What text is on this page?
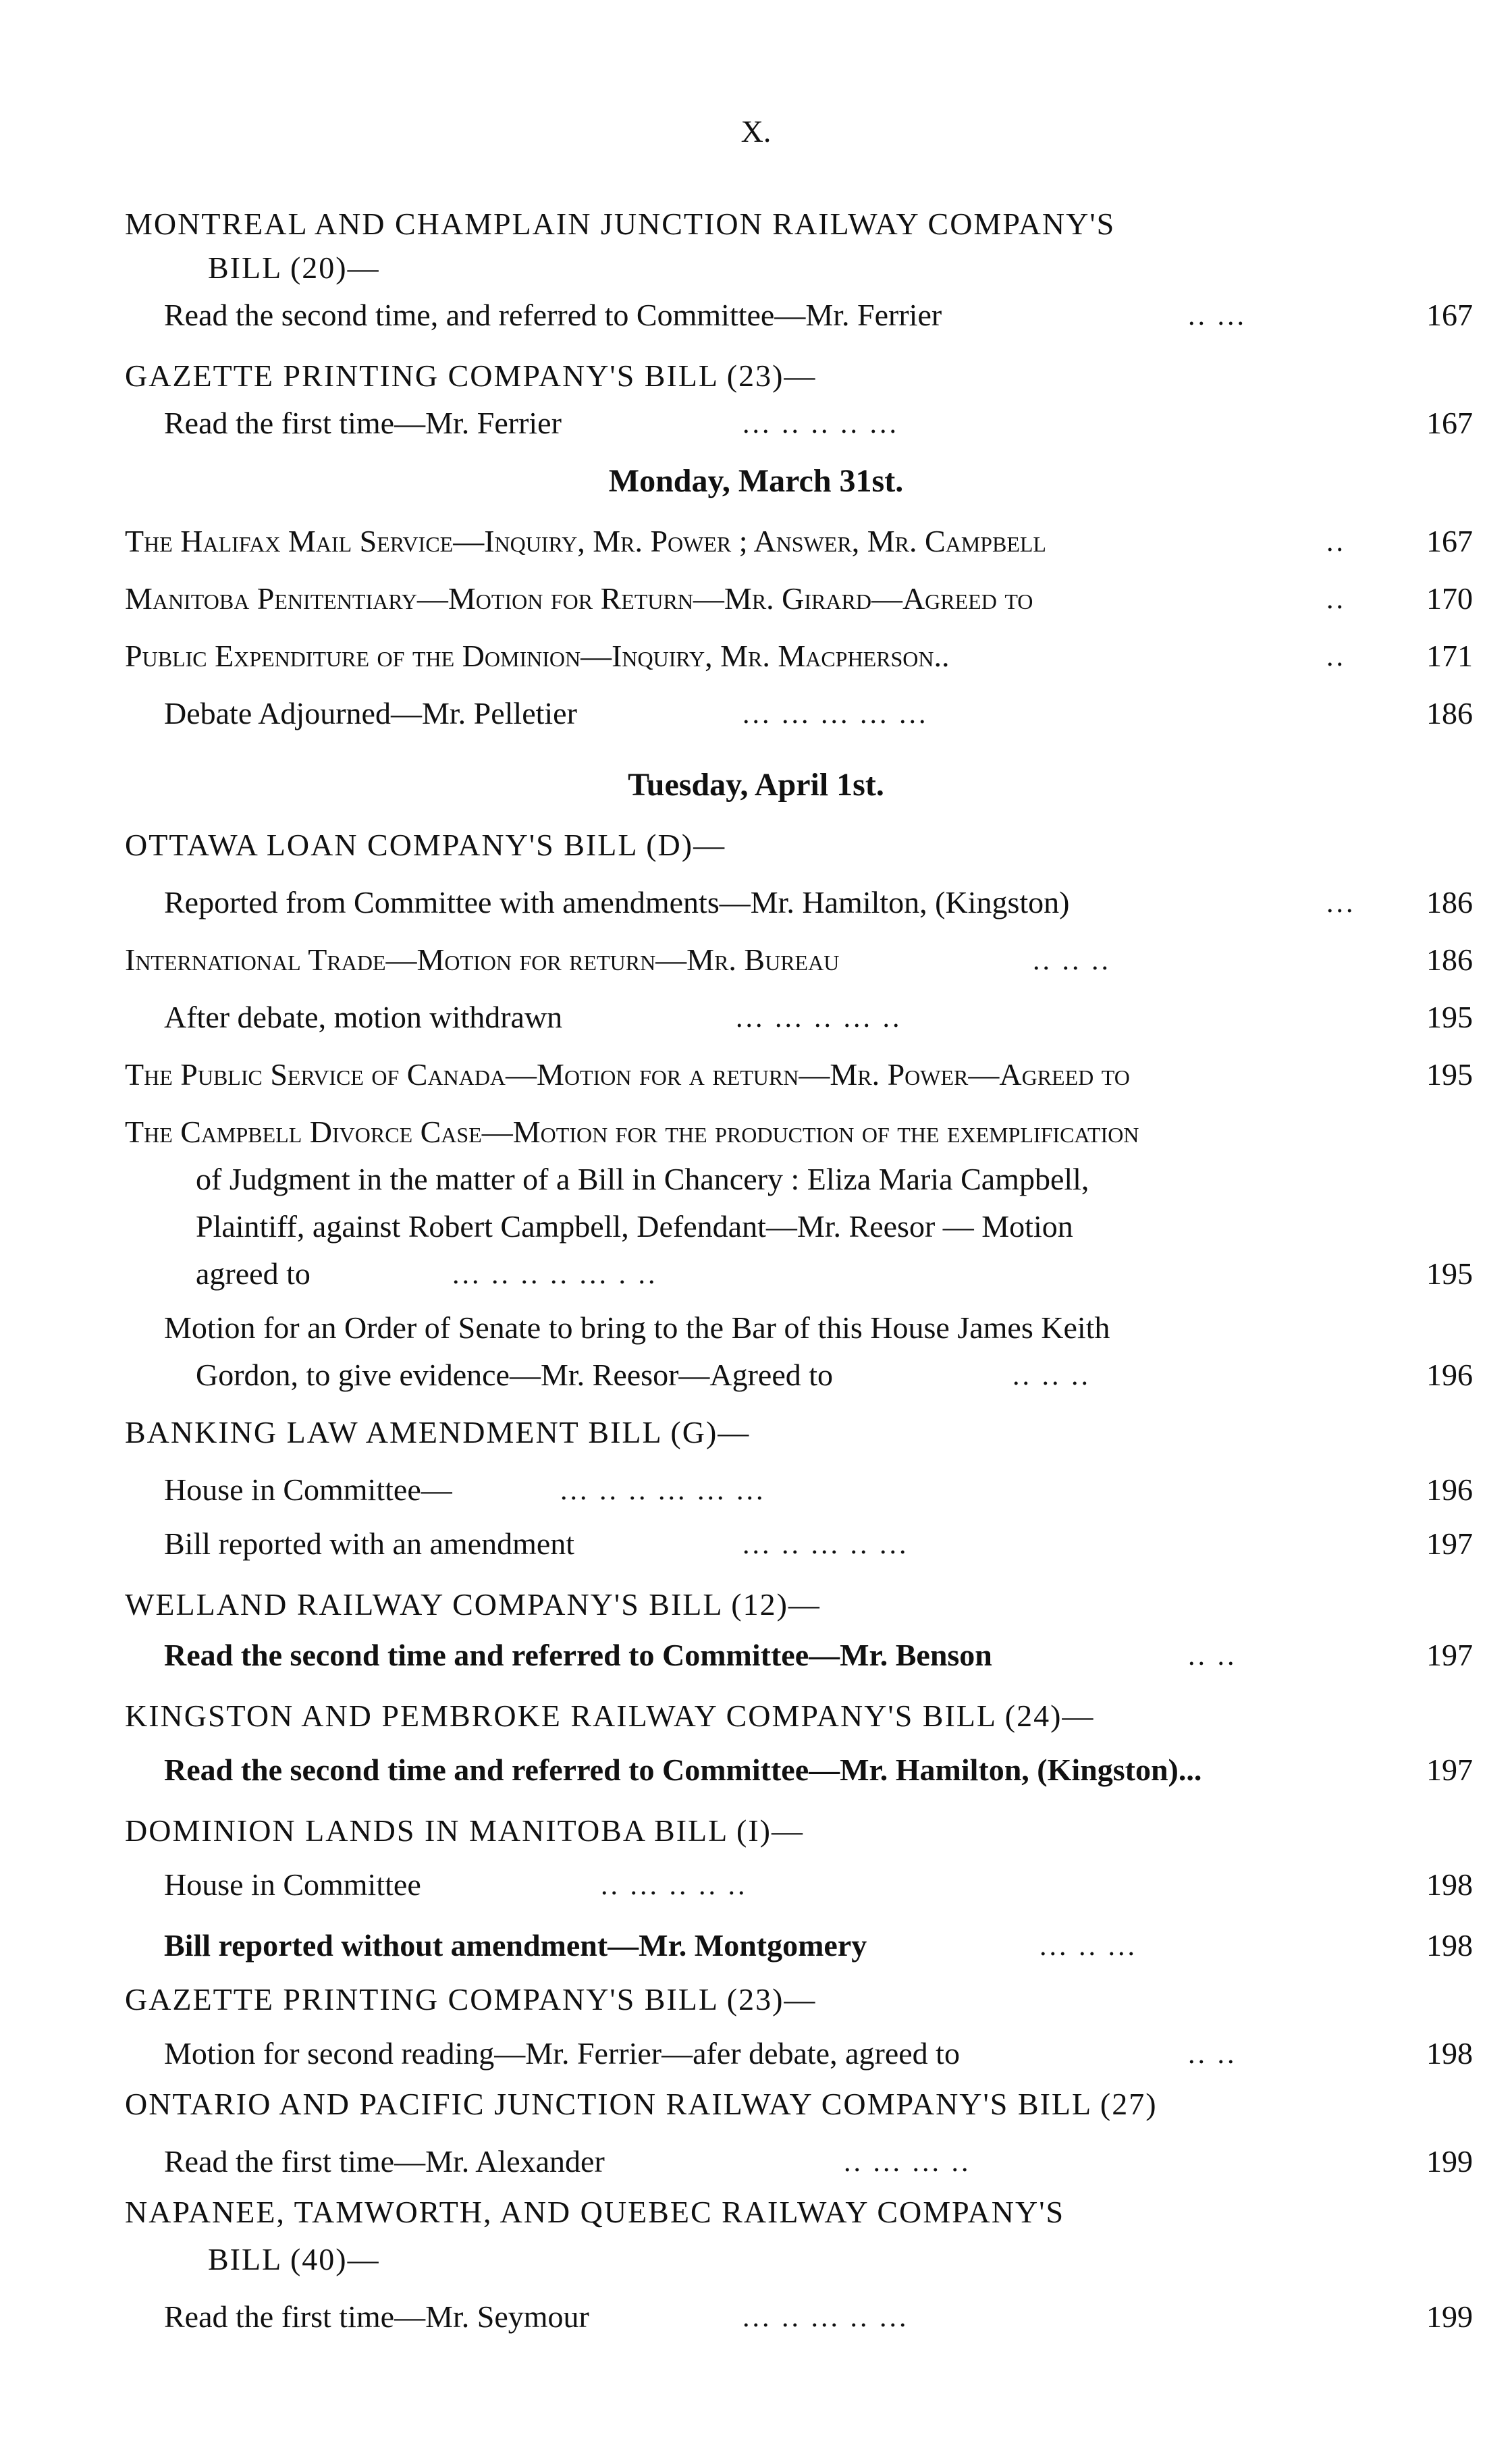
X.
MONTREAL AND CHAMPLAIN JUNCTION RAILWAY COMPANY'S
BILL (20)—
Read the second time, and referred to Committee—Mr. Ferrier	.. ...	167
GAZETTE PRINTING COMPANY'S BILL (23)—
Read the first time—Mr. Ferrier	... .. .. .. ...	167
Monday, March 31st.
The Halifax Mail Service—Inquiry, Mr. Power ; Answer, Mr. Campbell	..	167
Manitoba Penitentiary—Motion for Return—Mr. Girard—Agreed to	..	170
Public Expenditure of the Dominion—Inquiry, Mr. Macpherson..	..	171
Debate Adjourned—Mr. Pelletier	... ... ... ... ...	186
Tuesday, April 1st.
OTTAWA LOAN COMPANY'S BILL (D)—
Reported from Committee with amendments—Mr. Hamilton, (Kingston)	... 186
International Trade—Motion for return—Mr. Bureau	.. .. ..	186
After debate, motion withdrawn	... ... .. ... ..	195
The Public Service of Canada—Motion for a return—Mr. Power—Agreed to	195
The Campbell Divorce Case—Motion for the production of the exemplification
of Judgment in the matter of a Bill in Chancery : Eliza Maria Campbell,
Plaintiff, against Robert Campbell, Defendant—Mr. Reesor — Motion
agreed to	... .. .. .. ... . ..	195
Motion for an Order of Senate to bring to the Bar of this House James Keith
Gordon, to give evidence—Mr. Reesor—Agreed to	.. .. ..	196
BANKING LAW AMENDMENT BILL (G)—
House in Committee—	... .. .. ... ... ...	196
Bill reported with an amendment	... .. ... .. ...	197
WELLAND RAILWAY COMPANY'S BILL (12)—
Read the second time and referred to Committee—Mr. Benson	.. ..	197
KINGSTON AND PEMBROKE RAILWAY COMPANY'S BILL (24)—
Read the second time and referred to Committee—Mr. Hamilton, (Kingston)...	197
DOMINION LANDS IN MANITOBA BILL (I)—
House in Committee	.. ... .. .. ..	198
Bill reported without amendment—Mr. Montgomery	... .. ...	198
GAZETTE PRINTING COMPANY'S BILL (23)—
Motion for second reading—Mr. Ferrier—afer debate, agreed to	.. ..	198
ONTARIO AND PACIFIC JUNCTION RAILWAY COMPANY'S BILL (27)
Read the first time—Mr. Alexander	.. ... ... ..	199
NAPANEE, TAMWORTH, AND QUEBEC RAILWAY COMPANY'S
BILL (40)—
Read the first time—Mr. Seymour	... .. ... .. ...	199
